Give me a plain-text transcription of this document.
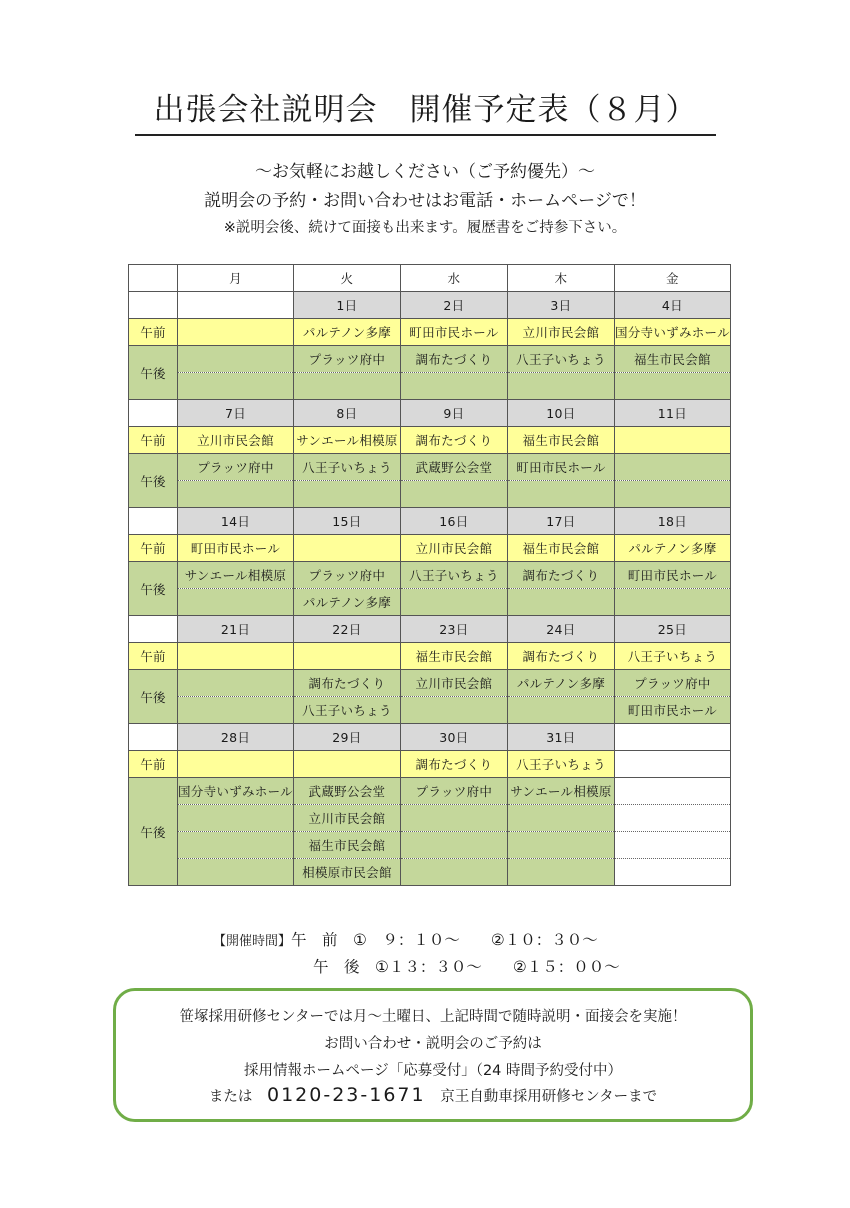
出張会社説明会　開催予定表（８月）
～お気軽にお越しください（ご予約優先）～
説明会の予約・お問い合わせはお電話・ホームページで！
※説明会後、続けて面接も出来ます。履歴書をご持参下さい。
	月	火	水	木	金
		1日	2日	3日	4日
午前		パルテノン多摩	町田市民ホール	立川市民会館	国分寺いずみホール
午後		プラッツ府中	調布たづくり	八王子いちょう	福生市民会館

	7日	8日	9日	10日	11日
午前	立川市民会館	サンエール相模原	調布たづくり	福生市民会館	
午後	プラッツ府中	八王子いちょう	武蔵野公会堂	町田市民ホール	

	14日	15日	16日	17日	18日
午前	町田市民ホール		立川市民会館	福生市民会館	パルテノン多摩
午後	サンエール相模原	プラッツ府中	八王子いちょう	調布たづくり	町田市民ホール
		パルテノン多摩			
	21日	22日	23日	24日	25日
午前			福生市民会館	調布たづくり	八王子いちょう
午後		調布たづくり	立川市民会館	パルテノン多摩	プラッツ府中
		八王子いちょう			町田市民ホール
	28日	29日	30日	31日	
午前			調布たづくり	八王子いちょう	
午後	国分寺いずみホール	武蔵野公会堂	プラッツ府中	サンエール相模原	
		立川市民会館			
		福生市民会館			
		相模原市民会館			
【開催時間】午　前　①　９：１０～　　②１０：３０～
午　後　①１３：３０～　　②１５：００～
笹塚採用研修センターでは月～土曜日、上記時間で随時説明・面接会を実施！
お問い合わせ・説明会のご予約は
採用情報ホームページ「応募受付」（24 時間予約受付中）
または 0120-23-1671 京王自動車採用研修センターまで
